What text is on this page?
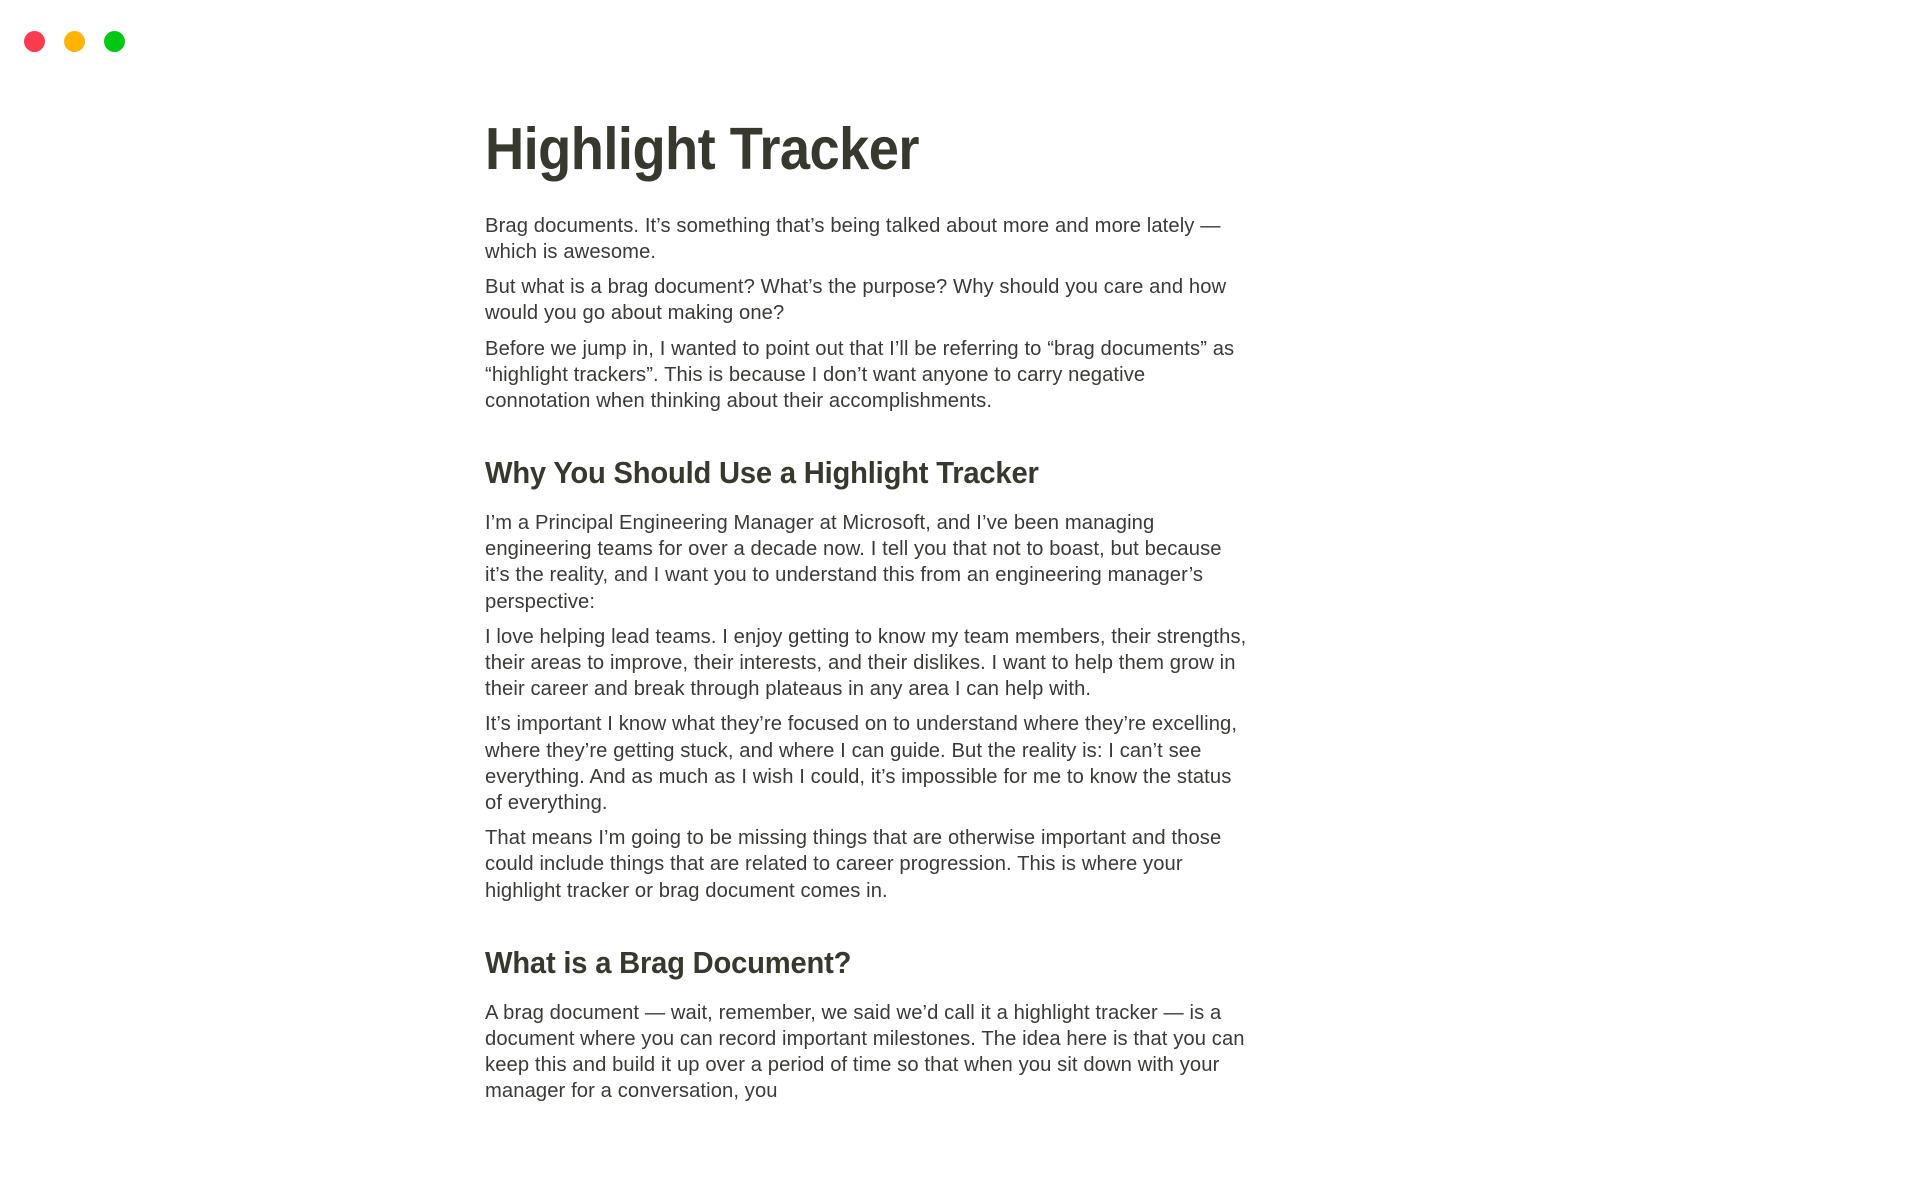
Highlight Tracker

Brag documents. It’s something that’s being talked about more and more lately — which is awesome.

But what is a brag document? What’s the purpose? Why should you care and how would you go about making one?

Before we jump in, I wanted to point out that I’ll be referring to “brag documents” as “highlight trackers”. This is because I don’t want anyone to carry negative connotation when thinking about their accomplishments.

Why You Should Use a Highlight Tracker

I’m a Principal Engineering Manager at Microsoft, and I’ve been managing engineering teams for over a decade now. I tell you that not to boast, but because it’s the reality, and I want you to understand this from an engineering manager’s perspective:

I love helping lead teams. I enjoy getting to know my team members, their strengths, their areas to improve, their interests, and their dislikes. I want to help them grow in their career and break through plateaus in any area I can help with.

It’s important I know what they’re focused on to understand where they’re excelling, where they’re getting stuck, and where I can guide. But the reality is: I can’t see everything. And as much as I wish I could, it’s impossible for me to know the status of everything.

That means I’m going to be missing things that are otherwise important and those could include things that are related to career progression. This is where your highlight tracker or brag document comes in.

What is a Brag Document?

A brag document — wait, remember, we said we’d call it a highlight tracker — is a document where you can record important milestones. The idea here is that you can keep this and build it up over a period of time so that when you sit down with your manager for a conversation, you
